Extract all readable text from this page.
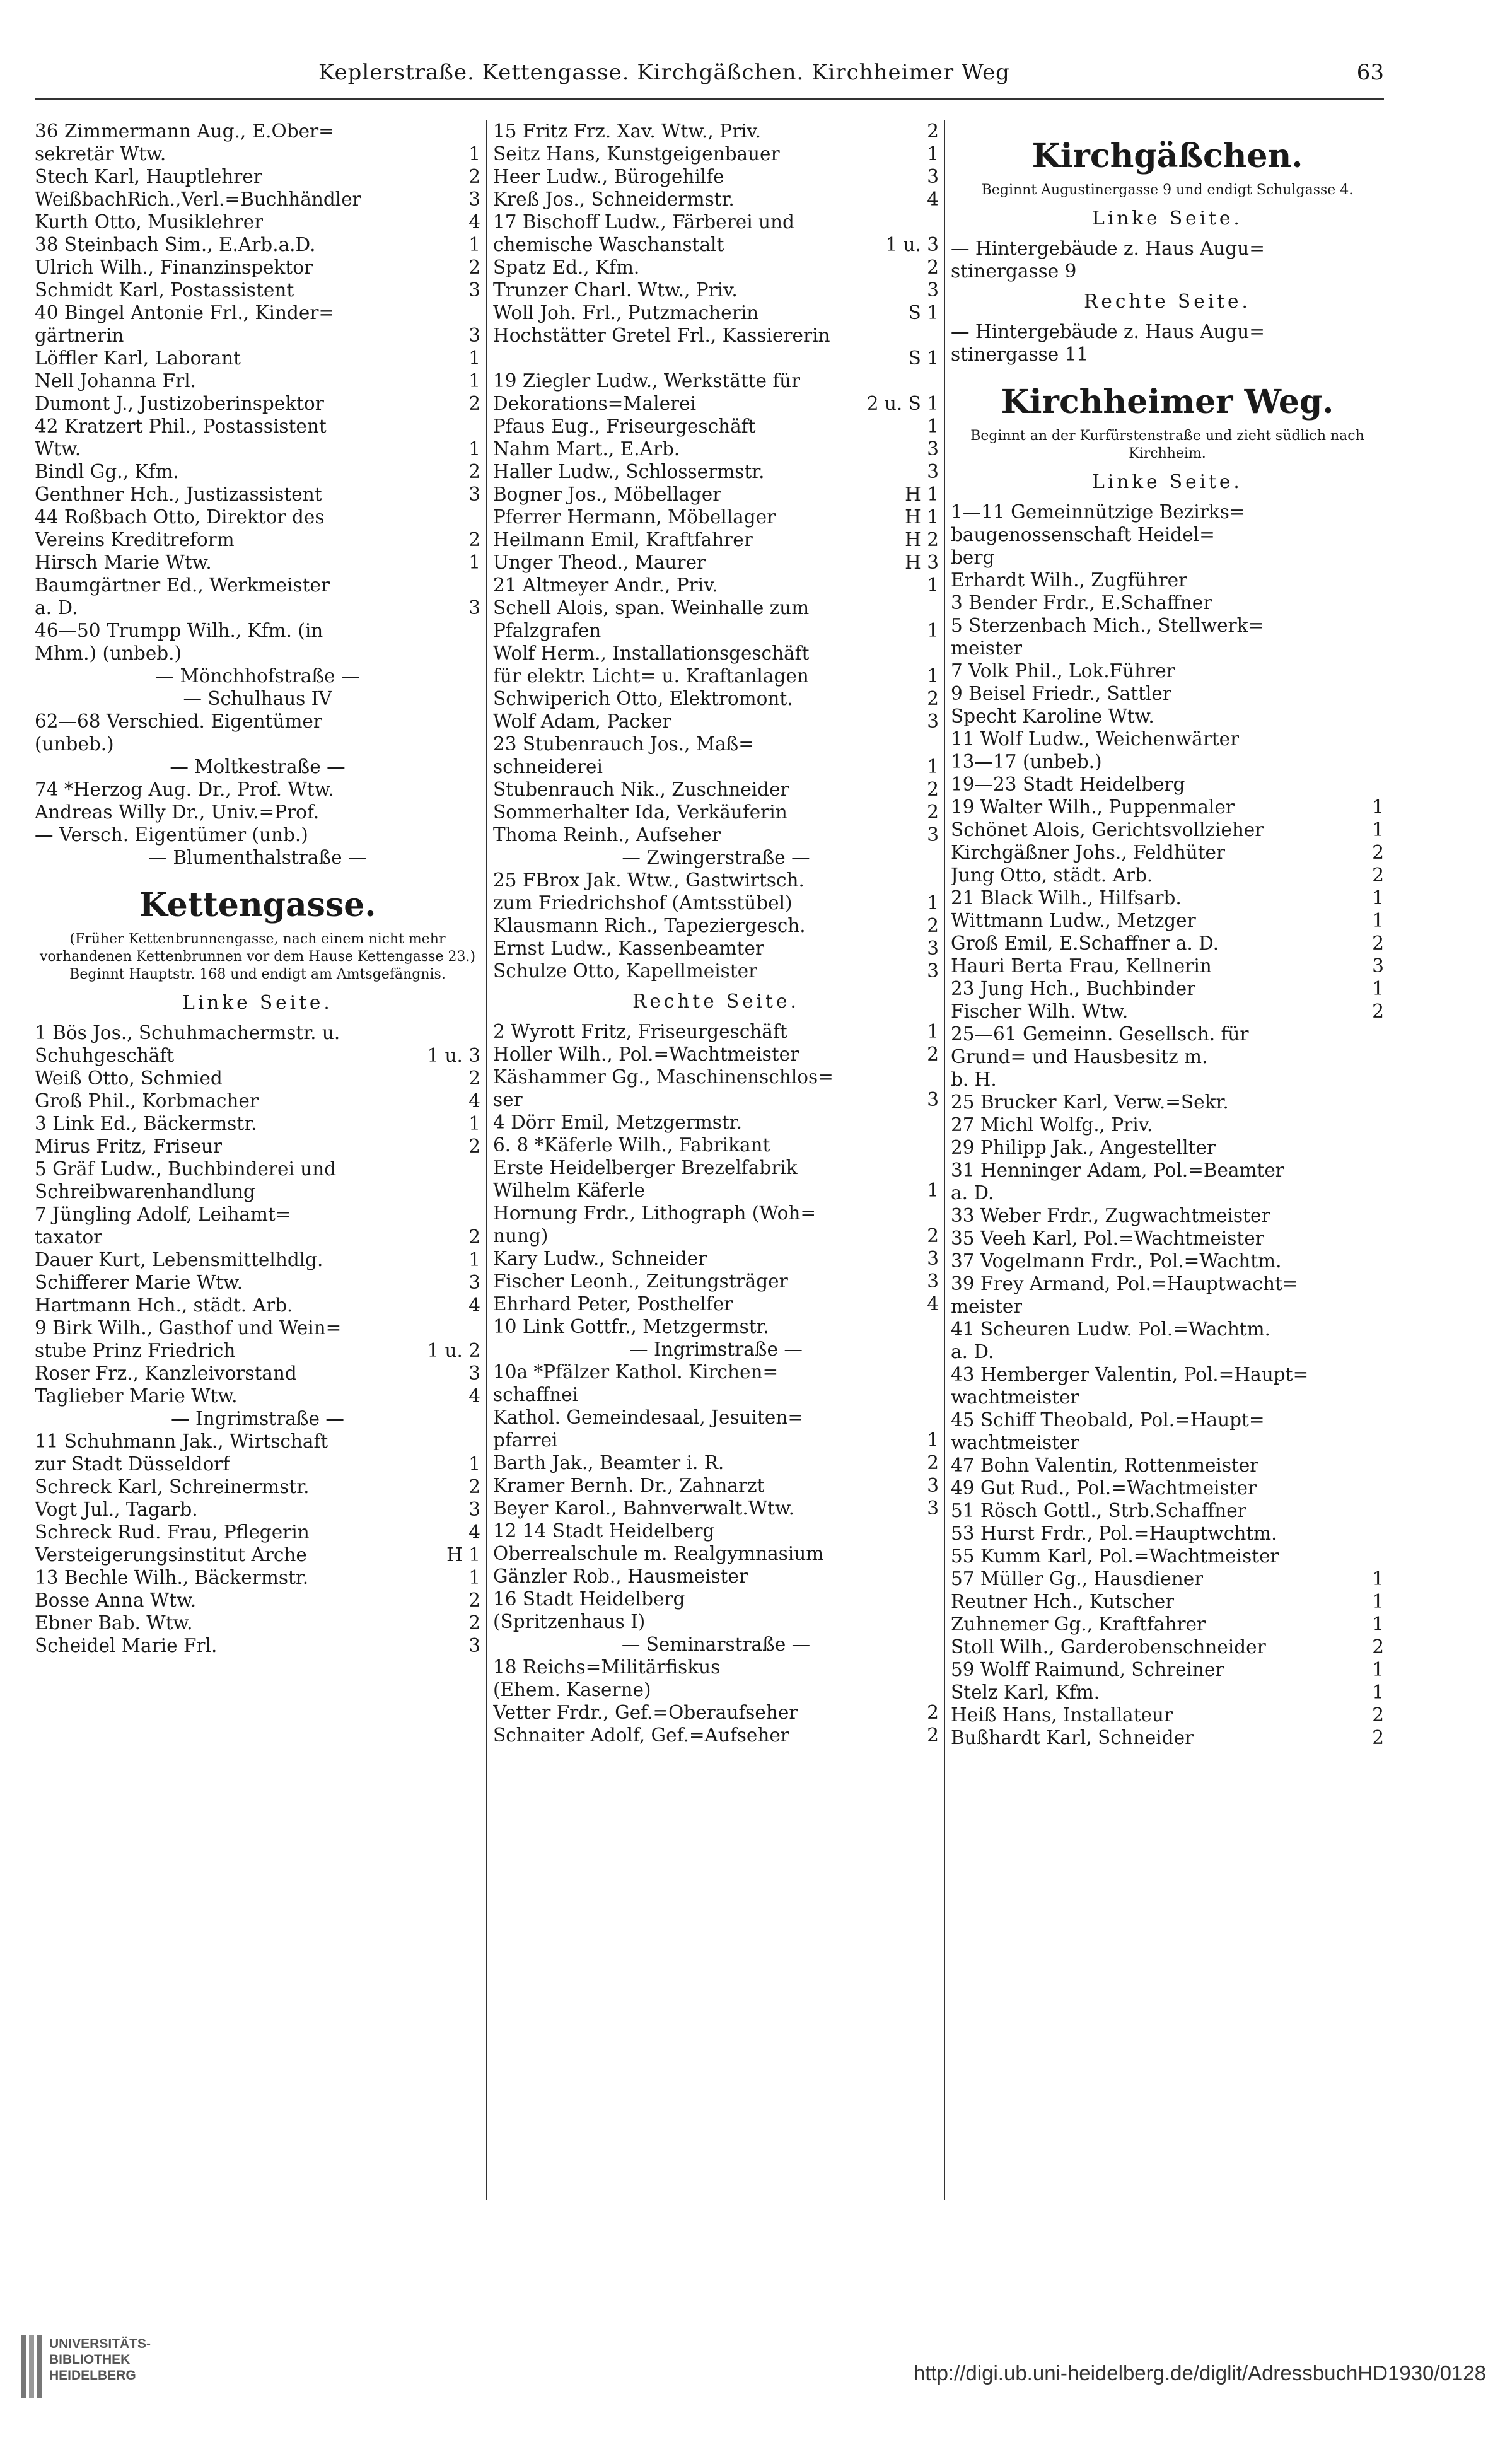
Keplerstraße. Kettengasse. Kirchgäßchen. Kirchheimer Weg	63
36 Zimmermann Aug., E.Ober=
sekretär Wtw.	1
Stech Karl, Hauptlehrer	2
WeißbachRich.,Verl.=Buchhändler	3
Kurth Otto, Musiklehrer	4
38 Steinbach Sim., E.Arb.a.D.	1
Ulrich Wilh., Finanzinspektor	2
Schmidt Karl, Postassistent	3
40 Bingel Antonie Frl., Kinder=
gärtnerin	3
Löffler Karl, Laborant	1
Nell Johanna Frl.	1
Dumont J., Justizoberinspektor	2
42 Kratzert Phil., Postassistent
Wtw.	1
Bindl Gg., Kfm.	2
Genthner Hch., Justizassistent	3
44 Roßbach Otto, Direktor des
Vereins Kreditreform	2
Hirsch Marie Wtw.	1
Baumgärtner Ed., Werkmeister
a. D.	3
46—50 Trumpp Wilh., Kfm. (in
Mhm.) (unbeb.)
— Mönchhofstraße —
— Schulhaus IV
62—68 Verschied. Eigentümer
(unbeb.)
— Moltkestraße —
74 *Herzog Aug. Dr., Prof. Wtw.
Andreas Willy Dr., Univ.=Prof.
— Versch. Eigentümer (unb.)
— Blumenthalstraße —
Kettengasse.
(Früher Kettenbrunnengasse, nach einem nicht mehr vorhandenen Kettenbrunnen vor dem Hause Kettengasse 23.) Beginnt Hauptstr. 168 und endigt am Amtsgefängnis.
Linke Seite.
1 Bös Jos., Schuhmachermstr. u.
Schuhgeschäft	1 u. 3
Weiß Otto, Schmied	2
Groß Phil., Korbmacher	4
3 Link Ed., Bäckermstr.	1
Mirus Fritz, Friseur	2
5 Gräf Ludw., Buchbinderei und
Schreibwarenhandlung
7 Jüngling Adolf, Leihamt=
taxator	2
Dauer Kurt, Lebensmittelhdlg.	1
Schifferer Marie Wtw.	3
Hartmann Hch., städt. Arb.	4
9 Birk Wilh., Gasthof und Wein=
stube Prinz Friedrich	1 u. 2
Roser Frz., Kanzleivorstand	3
Taglieber Marie Wtw.	4
— Ingrimstraße —
11 Schuhmann Jak., Wirtschaft
zur Stadt Düsseldorf	1
Schreck Karl, Schreinermstr.	2
Vogt Jul., Tagarb.	3
Schreck Rud. Frau, Pflegerin	4
Versteigerungsinstitut Arche	H 1
13 Bechle Wilh., Bäckermstr.	1
Bosse Anna Wtw.	2
Ebner Bab. Wtw.	2
Scheidel Marie Frl.	3
15 Fritz Frz. Xav. Wtw., Priv.	2
Seitz Hans, Kunstgeigenbauer	1
Heer Ludw., Bürogehilfe	3
Kreß Jos., Schneidermstr.	4
17 Bischoff Ludw., Färberei und
chemische Waschanstalt	1 u. 3
Spatz Ed., Kfm.	2
Trunzer Charl. Wtw., Priv.	3
Woll Joh. Frl., Putzmacherin	S 1
Hochstätter Gretel Frl., Kassiererin
S 1
19 Ziegler Ludw., Werkstätte für
Dekorations=Malerei	2 u. S 1
Pfaus Eug., Friseurgeschäft	1
Nahm Mart., E.Arb.	3
Haller Ludw., Schlossermstr.	3
Bogner Jos., Möbellager	H 1
Pferrer Hermann, Möbellager	H 1
Heilmann Emil, Kraftfahrer	H 2
Unger Theod., Maurer	H 3
21 Altmeyer Andr., Priv.	1
Schell Alois, span. Weinhalle zum
Pfalzgrafen	1
Wolf Herm., Installationsgeschäft
für elektr. Licht= u. Kraftanlagen	1
Schwiperich Otto, Elektromont.	2
Wolf Adam, Packer	3
23 Stubenrauch Jos., Maß=
schneiderei	1
Stubenrauch Nik., Zuschneider	2
Sommerhalter Ida, Verkäuferin	2
Thoma Reinh., Aufseher	3
— Zwingerstraße —
25 FBrox Jak. Wtw., Gastwirtsch.
zum Friedrichshof (Amtsstübel)	1
Klausmann Rich., Tapeziergesch.	2
Ernst Ludw., Kassenbeamter	3
Schulze Otto, Kapellmeister	3
Rechte Seite.
2 Wyrott Fritz, Friseurgeschäft	1
Holler Wilh., Pol.=Wachtmeister	2
Käshammer Gg., Maschinenschlos=
ser	3
4 Dörr Emil, Metzgermstr.
6. 8 *Käferle Wilh., Fabrikant
Erste Heidelberger Brezelfabrik
Wilhelm Käferle	1
Hornung Frdr., Lithograph (Woh=
nung)	2
Kary Ludw., Schneider	3
Fischer Leonh., Zeitungsträger	3
Ehrhard Peter, Posthelfer	4
10 Link Gottfr., Metzgermstr.
— Ingrimstraße —
10a *Pfälzer Kathol. Kirchen=
schaffnei
Kathol. Gemeindesaal, Jesuiten=
pfarrei	1
Barth Jak., Beamter i. R.	2
Kramer Bernh. Dr., Zahnarzt	3
Beyer Karol., Bahnverwalt.Wtw.	3
12 14 Stadt Heidelberg
Oberrealschule m. Realgymnasium
Gänzler Rob., Hausmeister
16 Stadt Heidelberg
(Spritzenhaus I)
— Seminarstraße —
18 Reichs=Militärfiskus
(Ehem. Kaserne)
Vetter Frdr., Gef.=Oberaufseher	2
Schnaiter Adolf, Gef.=Aufseher	2
Kirchgäßchen.
Beginnt Augustinergasse 9 und endigt Schulgasse 4.
Linke Seite.
— Hintergebäude z. Haus Augu=
stinergasse 9
Rechte Seite.
— Hintergebäude z. Haus Augu=
stinergasse 11
Kirchheimer Weg.
Beginnt an der Kurfürstenstraße und zieht südlich nach Kirchheim.
Linke Seite.
1—11 Gemeinnützige Bezirks=
baugenossenschaft Heidel=
berg
Erhardt Wilh., Zugführer
3 Bender Frdr., E.Schaffner
5 Sterzenbach Mich., Stellwerk=
meister
7 Volk Phil., Lok.Führer
9 Beisel Friedr., Sattler
Specht Karoline Wtw.
11 Wolf Ludw., Weichenwärter
13—17 (unbeb.)
19—23 Stadt Heidelberg
19 Walter Wilh., Puppenmaler	1
Schönet Alois, Gerichtsvollzieher	1
Kirchgäßner Johs., Feldhüter	2
Jung Otto, städt. Arb.	2
21 Black Wilh., Hilfsarb.	1
Wittmann Ludw., Metzger	1
Groß Emil, E.Schaffner a. D.	2
Hauri Berta Frau, Kellnerin	3
23 Jung Hch., Buchbinder	1
Fischer Wilh. Wtw.	2
25—61 Gemeinn. Gesellsch. für
Grund= und Hausbesitz m.
b. H.
25 Brucker Karl, Verw.=Sekr.
27 Michl Wolfg., Priv.
29 Philipp Jak., Angestellter
31 Henninger Adam, Pol.=Beamter
a. D.
33 Weber Frdr., Zugwachtmeister
35 Veeh Karl, Pol.=Wachtmeister
37 Vogelmann Frdr., Pol.=Wachtm.
39 Frey Armand, Pol.=Hauptwacht=
meister
41 Scheuren Ludw. Pol.=Wachtm.
a. D.
43 Hemberger Valentin, Pol.=Haupt=
wachtmeister
45 Schiff Theobald, Pol.=Haupt=
wachtmeister
47 Bohn Valentin, Rottenmeister
49 Gut Rud., Pol.=Wachtmeister
51 Rösch Gottl., Strb.Schaffner
53 Hurst Frdr., Pol.=Hauptwchtm.
55 Kumm Karl, Pol.=Wachtmeister
57 Müller Gg., Hausdiener	1
Reutner Hch., Kutscher	1
Zuhnemer Gg., Kraftfahrer	1
Stoll Wilh., Garderobenschneider	2
59 Wolff Raimund, Schreiner	1
Stelz Karl, Kfm.	1
Heiß Hans, Installateur	2
Bußhardt Karl, Schneider	2
UNIVERSITÄTS-
BIBLIOTHEK
HEIDELBERG	http://digi.ub.uni-heidelberg.de/diglit/AdressbuchHD1930/0128
